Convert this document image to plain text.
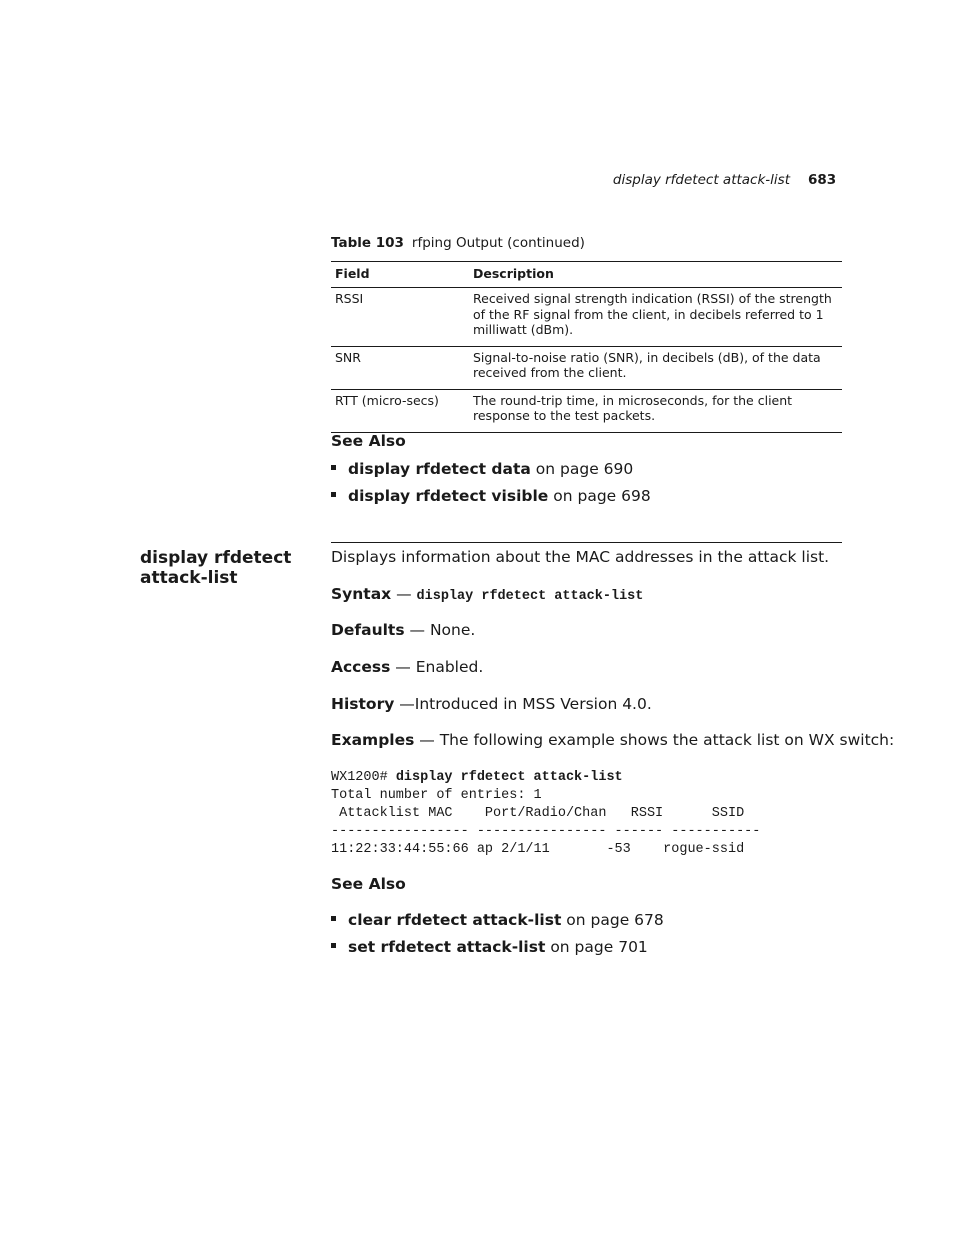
display rfdetect attack-list 683
Table 103 rfping Output (continued)
Field	Description
RSSI	Received signal strength indication (RSSI) of the strength of the RF signal from the client, in decibels referred to 1 milliwatt (dBm).
SNR	Signal-to-noise ratio (SNR), in decibels (dB), of the data received from the client.
RTT (micro-secs)	The round-trip time, in microseconds, for the client response to the test packets.
See Also
display rfdetect data on page 690
display rfdetect visible on page 698
display rfdetect attack-list
Displays information about the MAC addresses in the attack list.
Syntax — display rfdetect attack-list
Defaults — None.
Access — Enabled.
History —Introduced in MSS Version 4.0.
Examples — The following example shows the attack list on WX switch:
WX1200# display rfdetect attack-list
Total number of entries: 1
Attacklist MAC    Port/Radio/Chan   RSSI      SSID
----------------- ---------------- ------ -----------
11:22:33:44:55:66 ap 2/1/11       -53    rogue-ssid
See Also
clear rfdetect attack-list on page 678
set rfdetect attack-list on page 701
